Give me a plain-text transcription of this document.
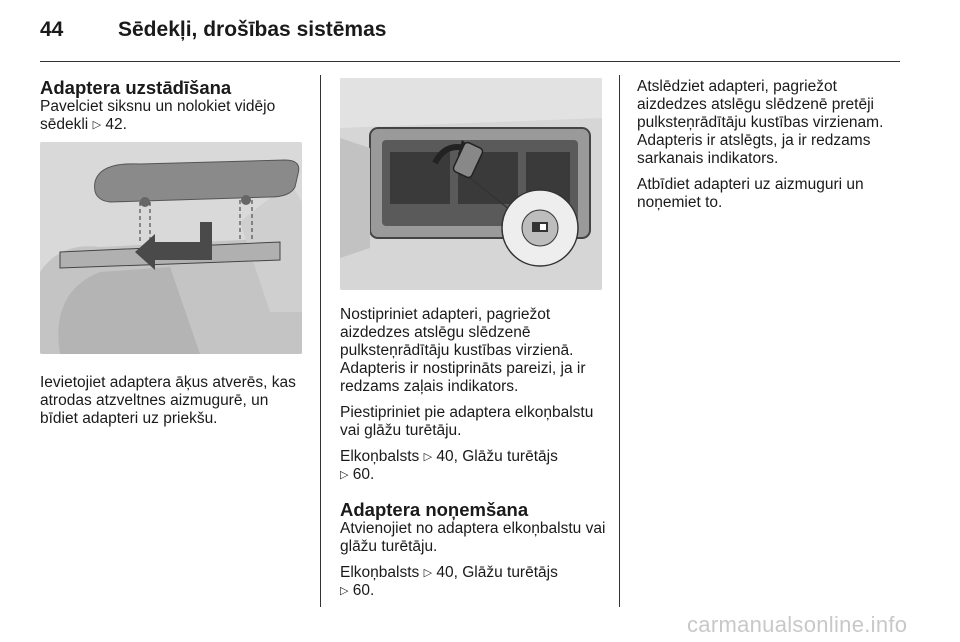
44	Sēdekļi, drošības sistēmas
Adaptera uzstādīšana

Pavelciet siksnu un nolokiet vidējo sēdekli ▷ 42.

Ievietojiet adaptera āķus atverēs, kas atrodas atzveltnes aizmugurē, un bīdiet adapteri uz priekšu.

Nostipriniet adapteri, pagriežot aizdedzes atslēgu slēdzenē pulksteņrādītāju kustības virzienā. Adapteris ir nostiprināts pareizi, ja ir redzams zaļais indikators.

Piestipriniet pie adaptera elkoņbalstu vai glāžu turētāju.

Elkoņbalsts ▷ 40, Glāžu turētājs
▷ 60.

Adaptera noņemšana

Atvienojiet no adaptera elkoņbalstu vai glāžu turētāju.

Elkoņbalsts ▷ 40, Glāžu turētājs
▷ 60.

Atslēdziet adapteri, pagriežot aizdedzes atslēgu slēdzenē pretēji pulksteņrādītāju kustības virzienam. Adapteris ir atslēgts, ja ir redzams sarkanais indikators.

Atbīdiet adapteri uz aizmuguri un noņemiet to.

carmanualsonline.info
